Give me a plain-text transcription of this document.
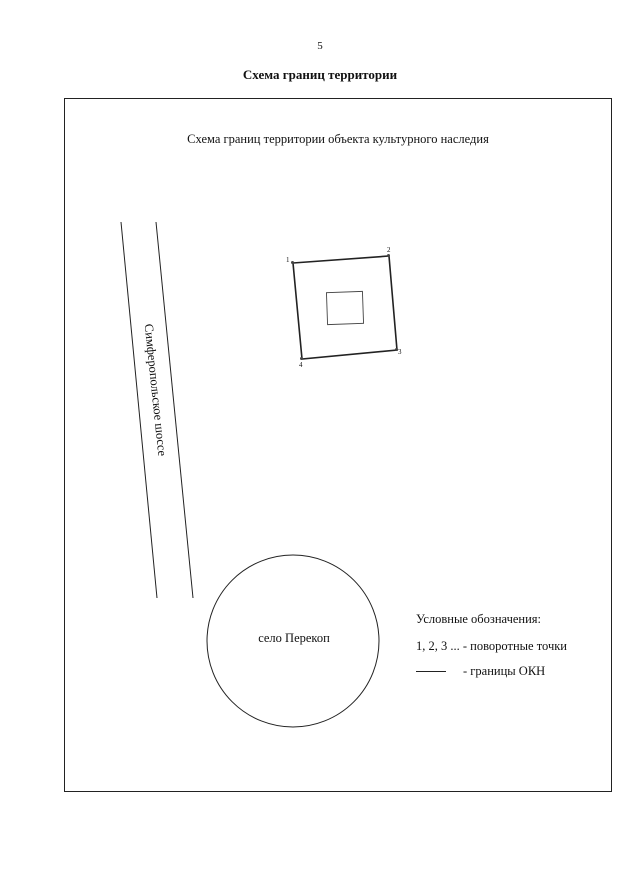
5
Схема границ территории
Схема границ территории объекта культурного наследия
1
2
3
4
Симферопольское шоссе
село Перекоп
Условные обозначения:
1, 2, 3 ... - поворотные точки
- границы ОКН
